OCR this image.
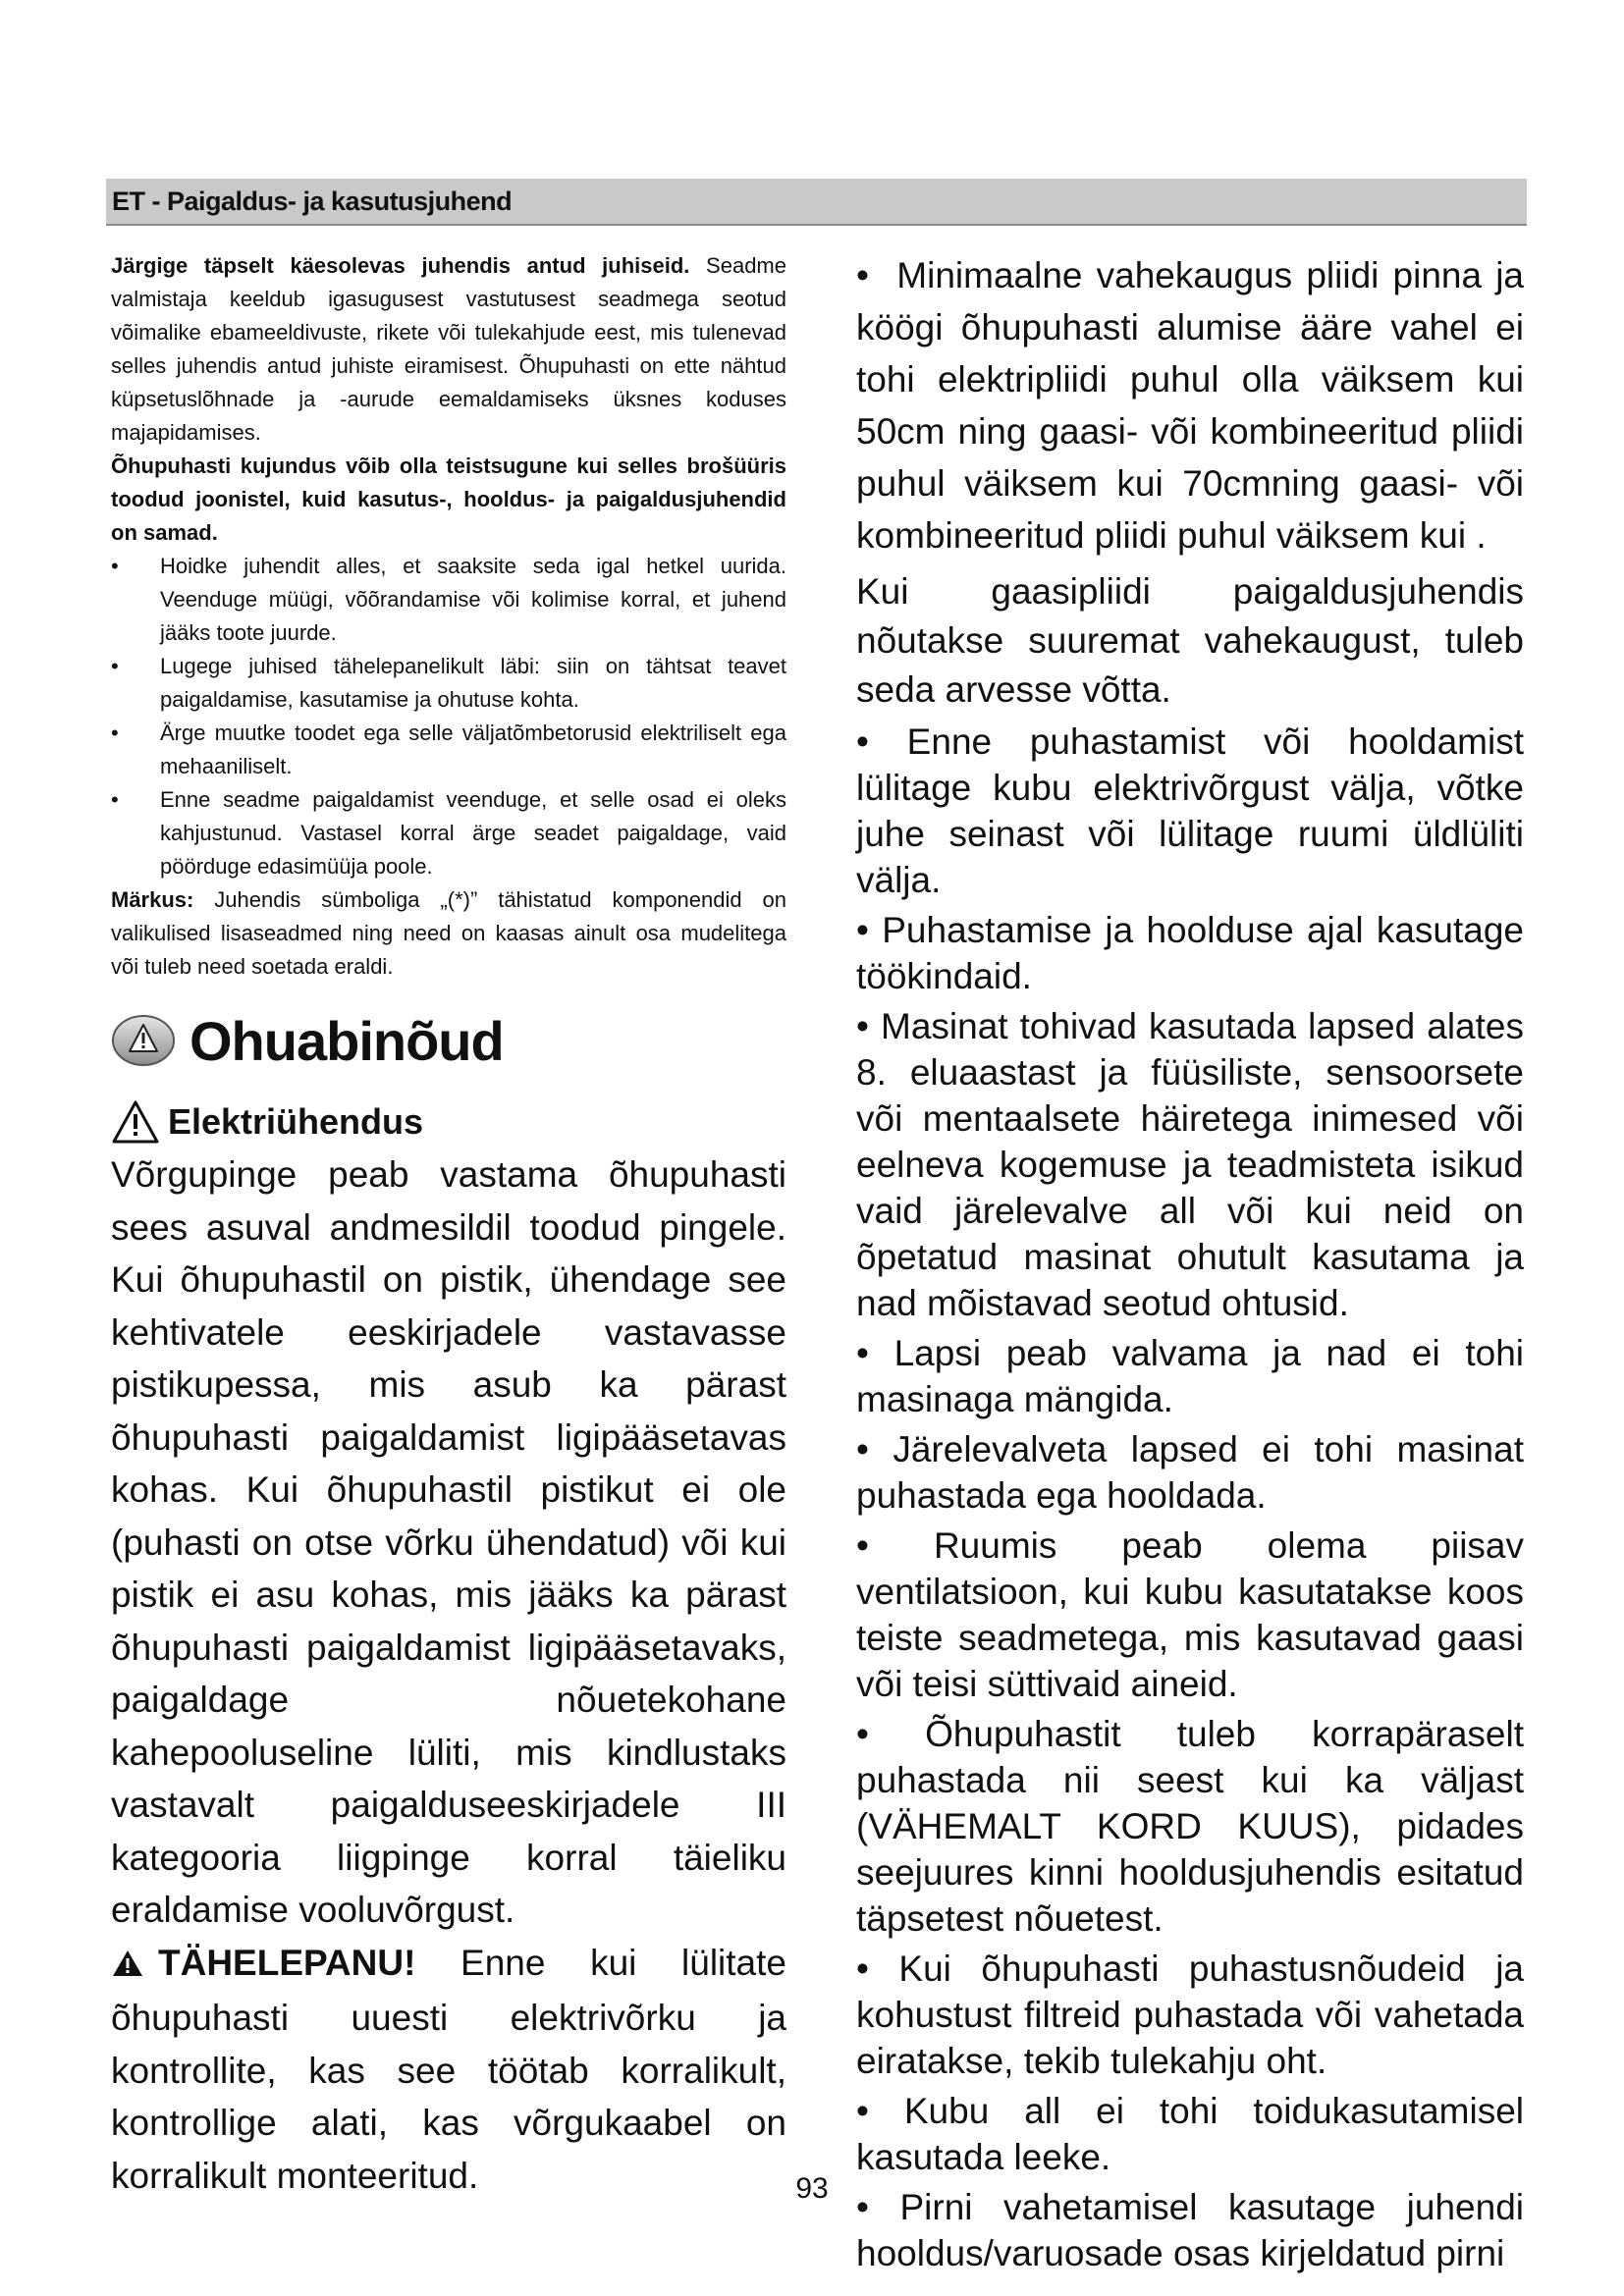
ET - Paigaldus- ja kasutusjuhend

Järgige täpselt käesolevas juhendis antud juhiseid. Seadme valmistaja keeldub igasugusest vastutusest seadmega seotud võimalike ebameeldivuste, rikete või tulekahjude eest, mis tulenevad selles juhendis antud juhiste eiramisest. Õhupuhasti on ette nähtud küpsetuslõhnade ja -aurude eemaldamiseks üksnes koduses majapidamises.

Õhupuhasti kujundus võib olla teistsugune kui selles brošüüris toodud joonistel, kuid kasutus-, hooldus- ja paigaldusjuhendid on samad.

•	Hoidke juhendit alles, et saaksite seda igal hetkel uurida. Veenduge müügi, võõrandamise või kolimise korral, et juhend jääks toote juurde.
•	Lugege juhised tähelepanelikult läbi: siin on tähtsat teavet paigaldamise, kasutamise ja ohutuse kohta.
•	Ärge muutke toodet ega selle väljatõmbetorusid elektriliselt ega mehaaniliselt.
•	Enne seadme paigaldamist veenduge, et selle osad ei oleks kahjustunud. Vastasel korral ärge seadet paigaldage, vaid pöörduge edasimüüja poole.

Märkus: Juhendis sümboliga „(*)” tähistatud komponendid on valikulised lisaseadmed ning need on kaasas ainult osa mudelitega või tuleb need soetada eraldi.

Ohuabinõud
Elektriühendus

Võrgupinge peab vastama õhupuhasti sees asuval andmesildil toodud pingele. Kui õhupuhastil on pistik, ühendage see kehtivatele eeskirjadele vastavasse pistikupessa, mis asub ka pärast õhupuhasti paigaldamist ligipääsetavas kohas. Kui õhupuhastil pistikut ei ole (puhasti on otse võrku ühendatud) või kui pistik ei asu kohas, mis jääks ka pärast õhupuhasti paigaldamist ligipääsetavaks, paigaldage nõuetekohane kahepooluseline lüliti, mis kindlustaks vastavalt paigalduseeskirjadele III kategooria liigpinge korral täieliku eraldamise vooluvõrgust.

TÄHELEPANU! Enne kui lülitate õhupuhasti uuesti elektrivõrku ja kontrollite, kas see töötab korralikult, kontrollige alati, kas võrgukaabel on korralikult monteeritud.

•  Minimaalne vahekaugus pliidi pinna ja köögi õhupuhasti alumise ääre vahel ei tohi elektripliidi puhul olla väiksem kui 50cm ning gaasi- või kombineeritud pliidi puhul väiksem kui 70cmning gaasi- või kombineeritud pliidi puhul väiksem kui .

Kui gaasipliidi paigaldusjuhendis nõutakse suuremat vahekaugust, tuleb seda arvesse võtta.

• Enne puhastamist või hooldamist lülitage kubu elektrivõrgust välja, võtke juhe seinast või lülitage ruumi üldlüliti välja.
• Puhastamise ja hoolduse ajal kasutage töökindaid.
• Masinat tohivad kasutada lapsed alates 8. eluaastast ja füüsiliste, sensoorsete või mentaalsete häiretega inimesed või eelneva kogemuse ja teadmisteta isikud vaid järelevalve all või kui neid on õpetatud masinat ohutult kasutama ja nad mõistavad seotud ohtusid.
• Lapsi peab valvama ja nad ei tohi masinaga mängida.
• Järelevalveta lapsed ei tohi masinat puhastada ega hooldada.
• Ruumis peab olema piisav ventilatsioon, kui kubu kasutatakse koos teiste seadmetega, mis kasutavad gaasi või teisi süttivaid aineid.
• Õhupuhastit tuleb korrapäraselt puhastada nii seest kui ka väljast (VÄHEMALT KORD KUUS), pidades seejuures kinni hooldusjuhendis esitatud täpsetest nõuetest.
• Kui õhupuhasti puhastusnõudeid ja kohustust filtreid puhastada või vahetada eiratakse, tekib tulekahju oht.
• Kubu all ei tohi toidukasutamisel kasutada leeke.
• Pirni vahetamisel kasutage juhendi hooldus/varuosade osas kirjeldatud pirni
93
